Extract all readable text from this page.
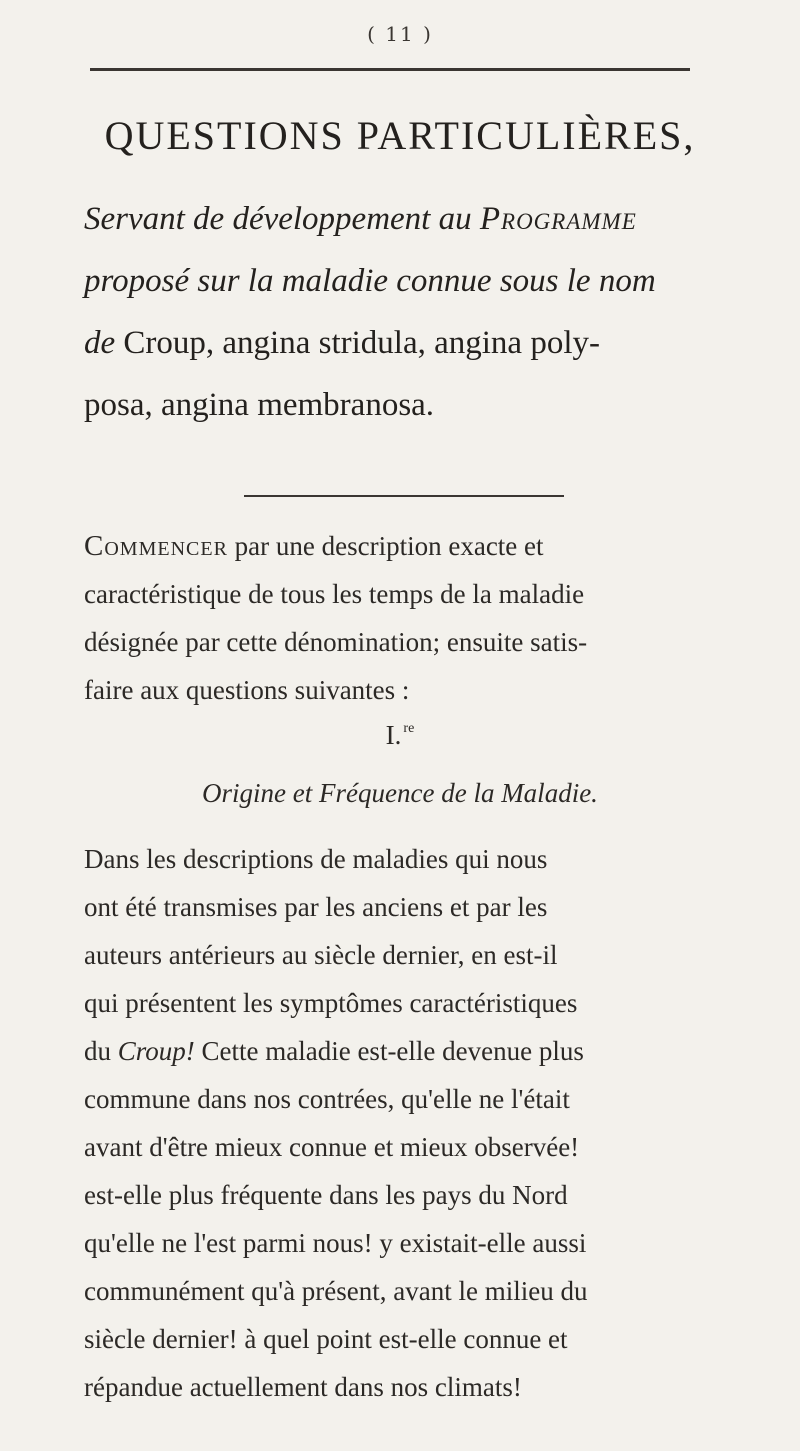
( 11 )
QUESTIONS PARTICULIÈRES,
Servant de développement au Programme
proposé sur la maladie connue sous le nom
de Croup, angina stridula, angina poly-
posa, angina membranosa.
Commencer par une description exacte et
caractéristique de tous les temps de la maladie
désignée par cette dénomination; ensuite satis-
faire aux questions suivantes :
I. $^{re}$
Origine et Fréquence de la Maladie.
Dans les descriptions de maladies qui nous
ont été transmises par les anciens et par les
auteurs antérieurs au siècle dernier, en est-il
qui présentent les symptômes caractéristiques
du Croup! Cette maladie est-elle devenue plus
commune dans nos contrées, qu'elle ne l'était
avant d'être mieux connue et mieux observée!
est-elle plus fréquente dans les pays du Nord
qu'elle ne l'est parmi nous! y existait-elle aussi
communément qu'à présent, avant le milieu du
siècle dernier! à quel point est-elle connue et
répandue actuellement dans nos climats!
